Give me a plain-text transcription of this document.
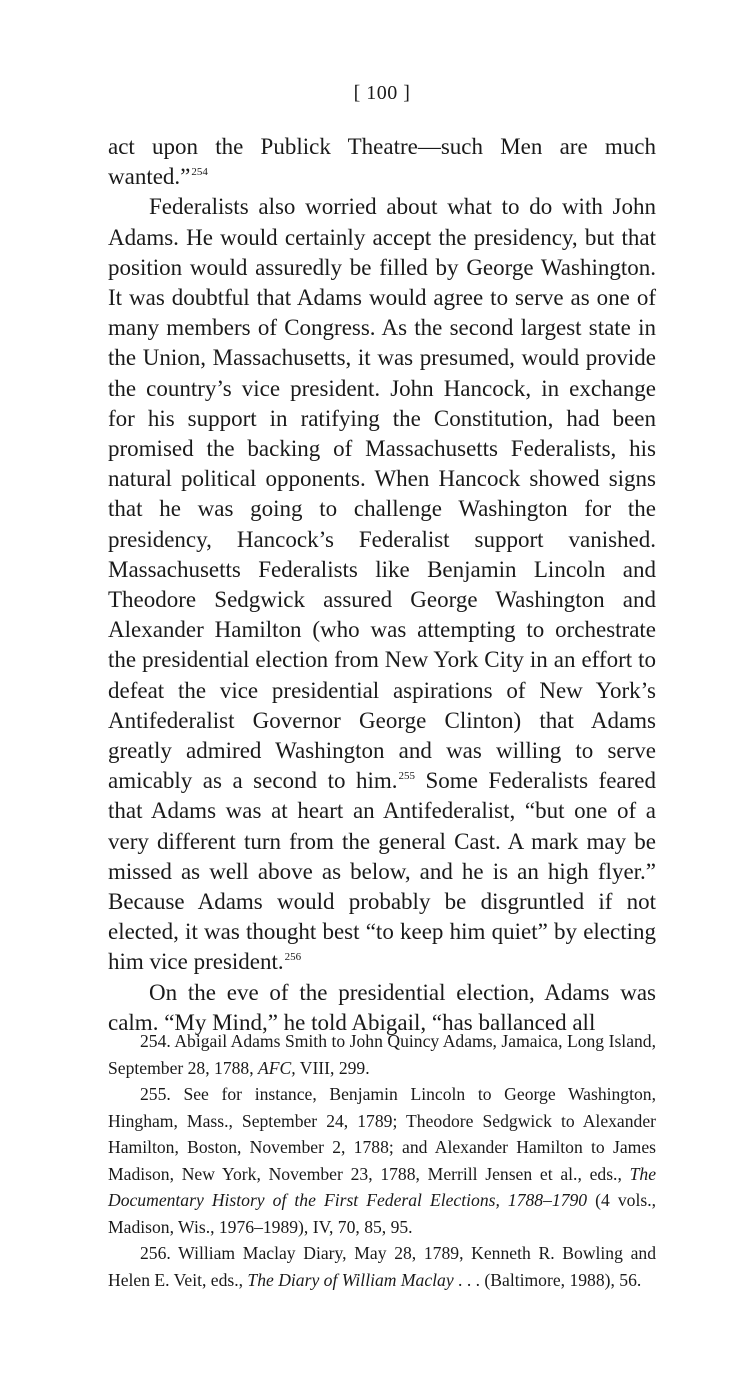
[ 100 ]

act upon the Publick Theatre—such Men are much wanted.”$^{254}$

Federalists also worried about what to do with John Adams. He would certainly accept the presidency, but that position would assuredly be filled by George Washington. It was doubtful that Adams would agree to serve as one of many members of Congress. As the second largest state in the Union, Massachusetts, it was presumed, would provide the country’s vice president. John Hancock, in exchange for his support in ratifying the Constitution, had been promised the backing of Massachusetts Federalists, his natural political opponents. When Hancock showed signs that he was going to challenge Washington for the presidency, Hancock’s Federalist support vanished. Massachusetts Federalists like Benjamin Lincoln and Theodore Sedgwick assured George Washington and Alexander Hamilton (who was attempting to orchestrate the presidential election from New York City in an effort to defeat the vice presidential aspirations of New York’s Antifederalist Governor George Clinton) that Adams greatly admired Washington and was willing to serve amicably as a second to him.$^{255}$ Some Federalists feared that Adams was at heart an Antifederalist, “but one of a very different turn from the general Cast. A mark may be missed as well above as below, and he is an high flyer.” Because Adams would probably be disgruntled if not elected, it was thought best “to keep him quiet” by electing him vice president.$^{256}$

On the eve of the presidential election, Adams was calm. “My Mind,” he told Abigail, “has ballanced all

254. Abigail Adams Smith to John Quincy Adams, Jamaica, Long Island, September 28, 1788, AFC, VIII, 299.

255. See for instance, Benjamin Lincoln to George Washington, Hingham, Mass., September 24, 1789; Theodore Sedgwick to Alexander Hamilton, Boston, November 2, 1788; and Alexander Hamilton to James Madison, New York, November 23, 1788, Merrill Jensen et al., eds., The Documentary History of the First Federal Elections, 1788–1790 (4 vols., Madison, Wis., 1976–1989), IV, 70, 85, 95.

256. William Maclay Diary, May 28, 1789, Kenneth R. Bowling and Helen E. Veit, eds., The Diary of William Maclay . . . (Baltimore, 1988), 56.
